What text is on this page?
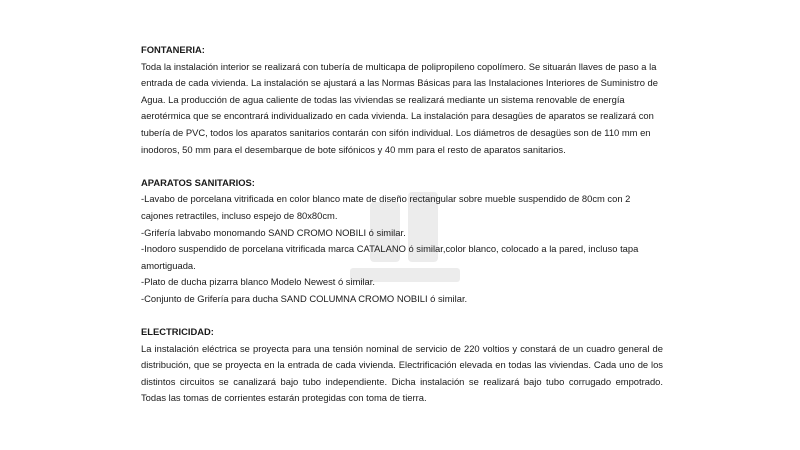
FONTANERIA:

Toda la instalación interior se realizará con tubería de multicapa de polipropileno copolímero. Se situarán llaves de paso a la entrada de cada vivienda. La instalación se ajustará a las Normas Básicas para las Instalaciones Interiores de Suministro de Agua. La producción de agua caliente de todas las viviendas se realizará mediante un sistema renovable de energía aerotérmica que se encontrará individualizado en cada vivienda. La instalación para desagües de aparatos se realizará con tubería de PVC, todos los aparatos sanitarios contarán con sifón individual. Los diámetros de desagües son de 110 mm en inodoros, 50 mm para el desembarque de bote sifónicos y 40 mm para el resto de aparatos sanitarios.

APARATOS SANITARIOS:

-Lavabo de porcelana vitrificada en color blanco mate de diseño rectangular sobre mueble suspendido de 80cm con 2 cajones retractiles, incluso espejo de 80x80cm.

-Grifería labvabo monomando SAND CROMO NOBILI ó similar.

-Inodoro suspendido de porcelana vitrificada marca CATALANO ó similar,color blanco, colocado a la pared, incluso tapa amortiguada.

-Plato de ducha pizarra blanco Modelo Newest ó similar.

-Conjunto de Grifería para ducha SAND COLUMNA CROMO NOBILI ó similar.

ELECTRICIDAD:

La instalación eléctrica se proyecta para una tensión nominal de servicio de 220 voltios y constará de un cuadro general de distribución, que se proyecta en la entrada de cada vivienda. Electrificación elevada en todas las viviendas. Cada uno de los distintos circuitos se canalizará bajo tubo independiente. Dicha instalación se realizará bajo tubo corrugado empotrado. Todas las tomas de corrientes estarán protegidas con toma de tierra.
